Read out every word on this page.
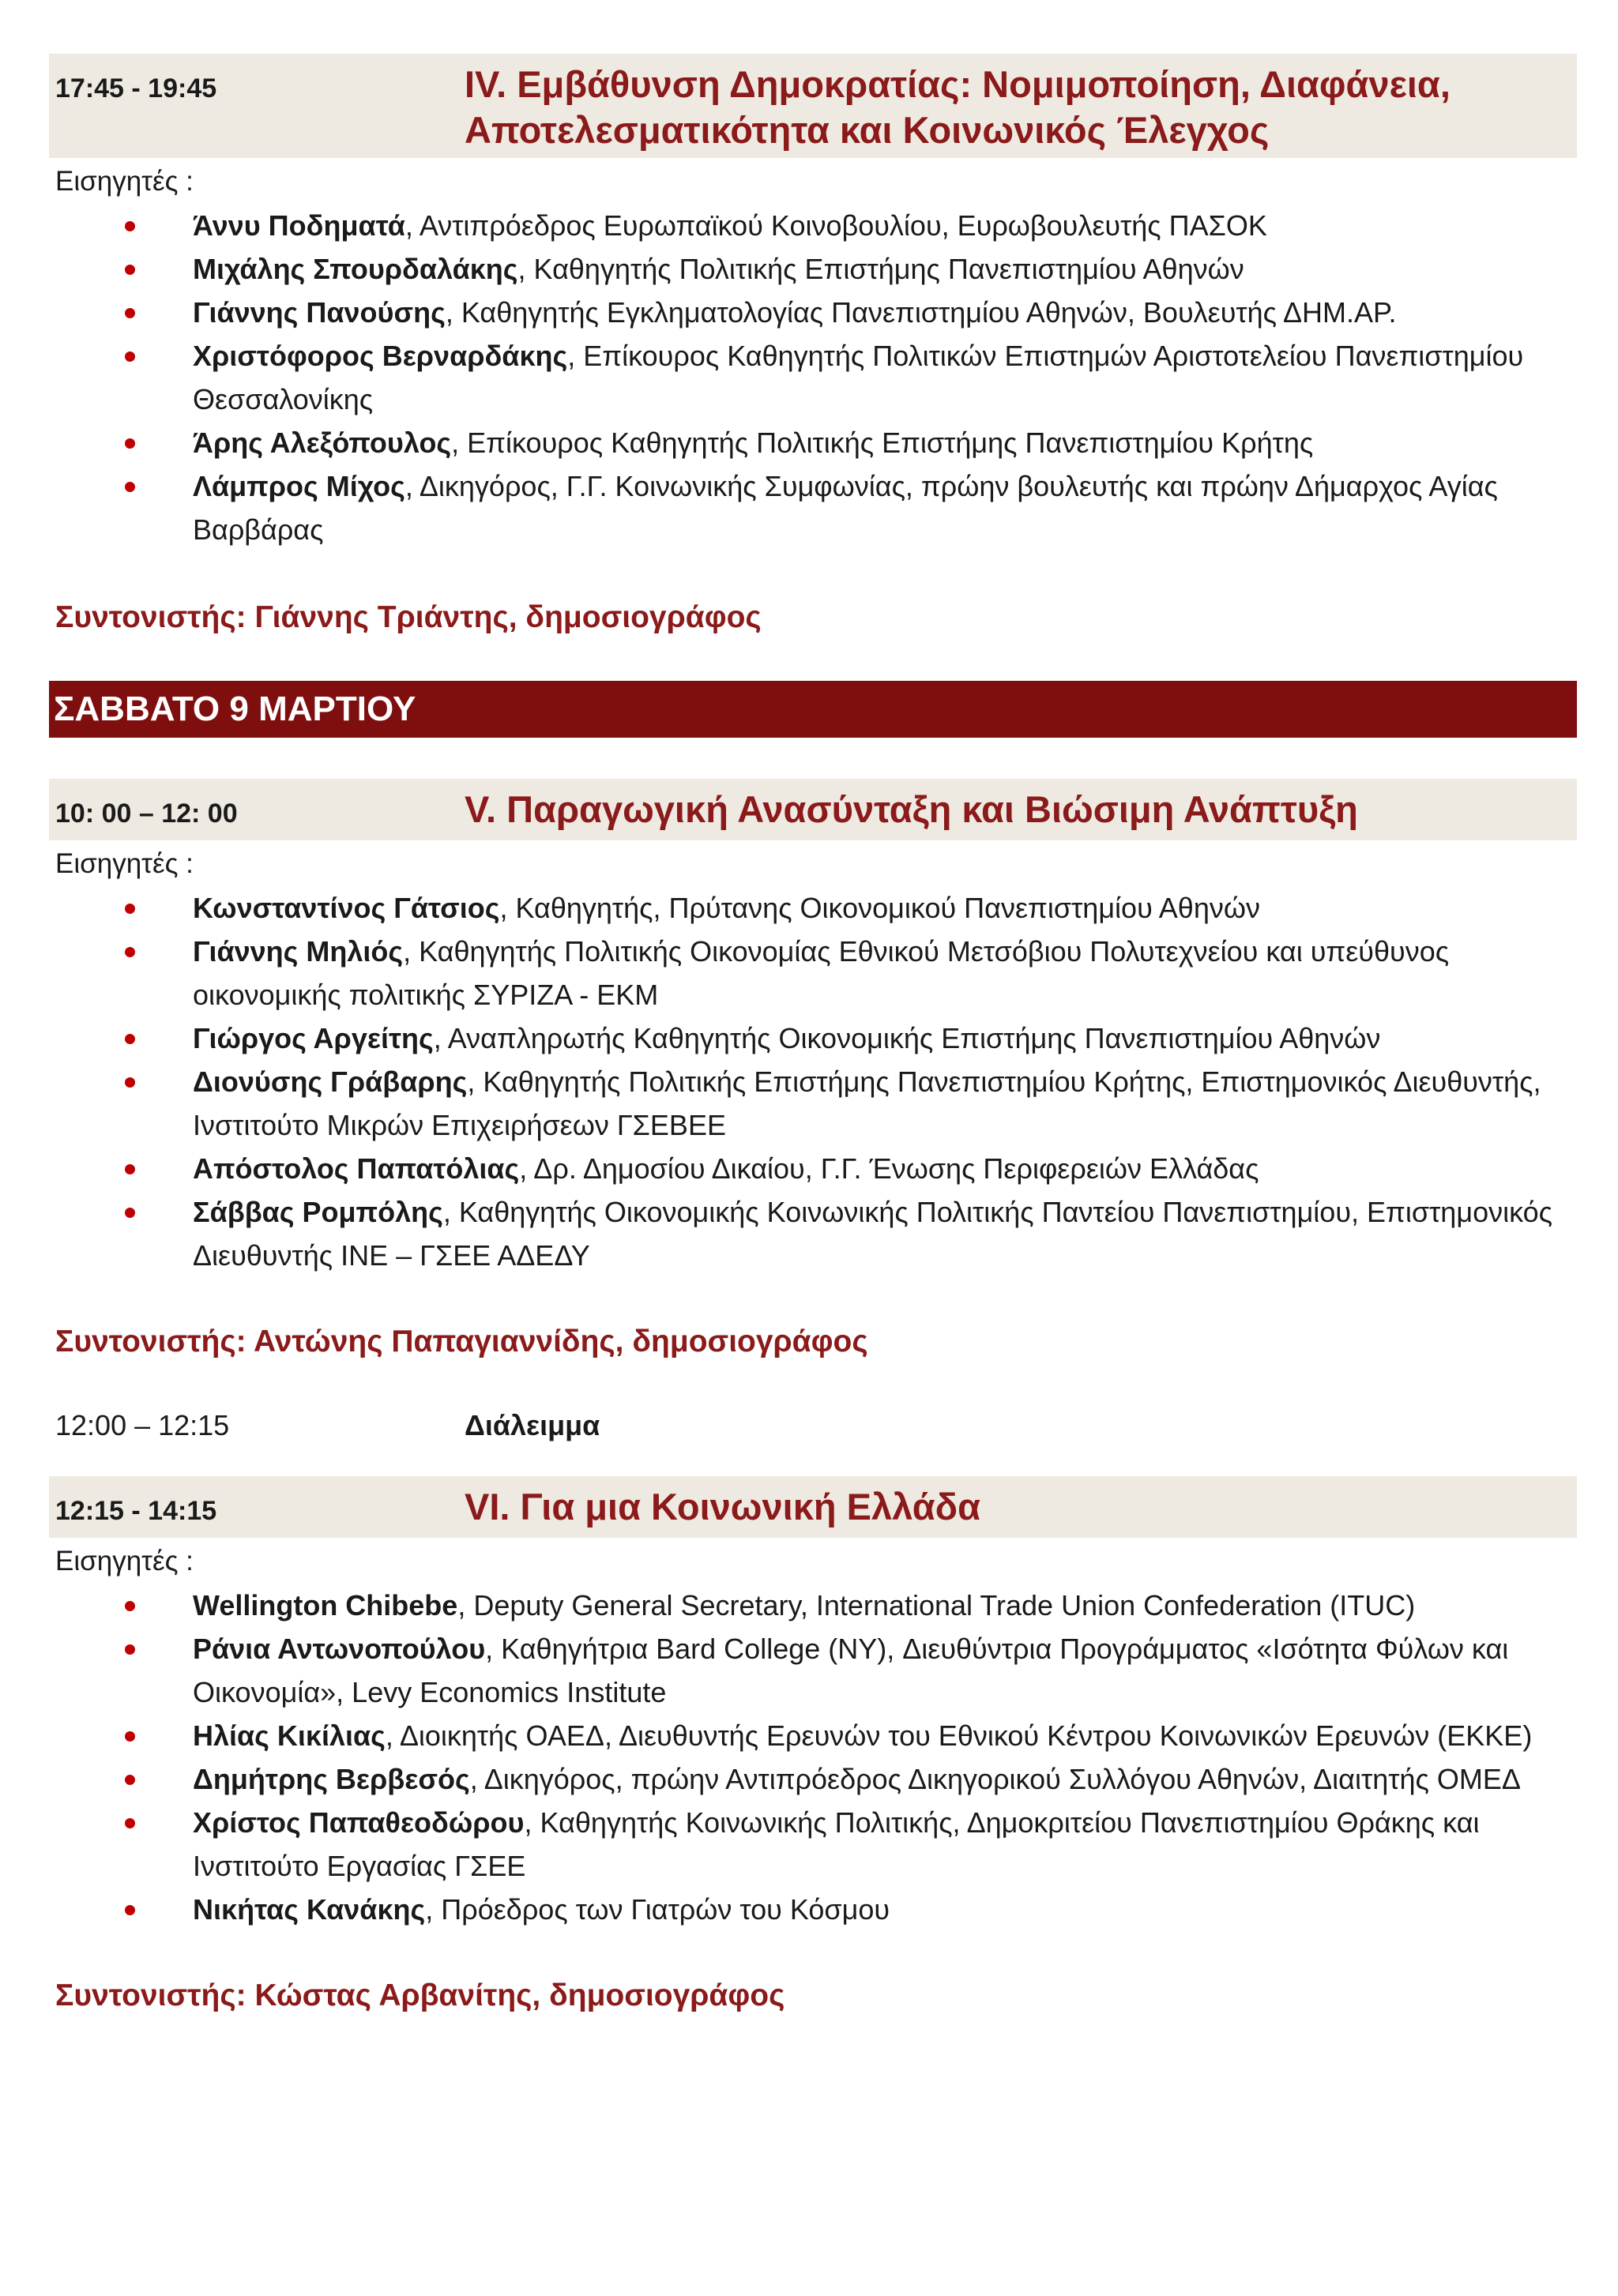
17:45 - 19:45	IV. Εμβάθυνση Δημοκρατίας: Νομιμοποίηση, Διαφάνεια, Αποτελεσματικότητα και Κοινωνικός Έλεγχος
Εισηγητές :
Άννυ Ποδηματά, Αντιπρόεδρος Ευρωπαϊκού Κοινοβουλίου, Ευρωβουλευτής ΠΑΣΟΚ
Μιχάλης Σπουρδαλάκης, Καθηγητής Πολιτικής Επιστήμης Πανεπιστημίου Αθηνών
Γιάννης Πανούσης, Καθηγητής Εγκληματολογίας Πανεπιστημίου Αθηνών, Βουλευτής ΔΗΜ.ΑΡ.
Χριστόφορος Βερναρδάκης, Επίκουρος Καθηγητής Πολιτικών Επιστημών Αριστοτελείου Πανεπιστημίου Θεσσαλονίκης
Άρης Αλεξόπουλος, Επίκουρος Καθηγητής Πολιτικής Επιστήμης Πανεπιστημίου Κρήτης
Λάμπρος Μίχος, Δικηγόρος, Γ.Γ. Κοινωνικής Συμφωνίας, πρώην βουλευτής και πρώην Δήμαρχος Αγίας Βαρβάρας
Συντονιστής: Γιάννης Τριάντης, δημοσιογράφος
ΣΑΒΒΑΤΟ 9 ΜΑΡΤΙΟΥ
10: 00 – 12: 00	V. Παραγωγική Ανασύνταξη και Βιώσιμη Ανάπτυξη
Εισηγητές :
Κωνσταντίνος Γάτσιος, Καθηγητής, Πρύτανης Οικονομικού Πανεπιστημίου Αθηνών
Γιάννης Μηλιός, Καθηγητής Πολιτικής Οικονομίας Εθνικού Μετσόβιου Πολυτεχνείου και υπεύθυνος οικονομικής πολιτικής ΣΥΡΙΖΑ - ΕΚΜ
Γιώργος Αργείτης, Αναπληρωτής Καθηγητής Οικονομικής Επιστήμης Πανεπιστημίου Αθηνών
Διονύσης Γράβαρης, Καθηγητής Πολιτικής Επιστήμης Πανεπιστημίου Κρήτης, Επιστημονικός Διευθυντής, Ινστιτούτο Μικρών Επιχειρήσεων ΓΣΕΒΕΕ
Απόστολος Παπατόλιας, Δρ. Δημοσίου Δικαίου, Γ.Γ. Ένωσης Περιφερειών Ελλάδας
Σάββας Ρομπόλης, Καθηγητής Οικονομικής Κοινωνικής Πολιτικής Παντείου Πανεπιστημίου, Επιστημονικός Διευθυντής ΙΝΕ – ΓΣΕΕ ΑΔΕΔΥ
Συντονιστής: Αντώνης Παπαγιαννίδης, δημοσιογράφος
12:00 – 12:15	Διάλειμμα
12:15 - 14:15	VI. Για μια Κοινωνική Ελλάδα
Εισηγητές :
Wellington Chibebe, Deputy General Secretary, International Trade Union Confederation (ITUC)
Ράνια Αντωνοπούλου, Καθηγήτρια Bard College (NY), Διευθύντρια Προγράμματος «Ισότητα Φύλων και Οικονομία», Levy Economics Institute
Ηλίας Κικίλιας, Διοικητής ΟΑΕΔ, Διευθυντής Ερευνών του Εθνικού Κέντρου Κοινωνικών Ερευνών (ΕΚΚΕ)
Δημήτρης Βερβεσός, Δικηγόρος, πρώην Αντιπρόεδρος Δικηγορικού Συλλόγου Αθηνών, Διαιτητής ΟΜΕΔ
Χρίστος Παπαθεοδώρου, Καθηγητής Κοινωνικής Πολιτικής, Δημοκριτείου Πανεπιστημίου Θράκης και Ινστιτούτο Εργασίας ΓΣΕΕ
Νικήτας Κανάκης, Πρόεδρος των Γιατρών του Κόσμου
Συντονιστής: Κώστας Αρβανίτης, δημοσιογράφος
